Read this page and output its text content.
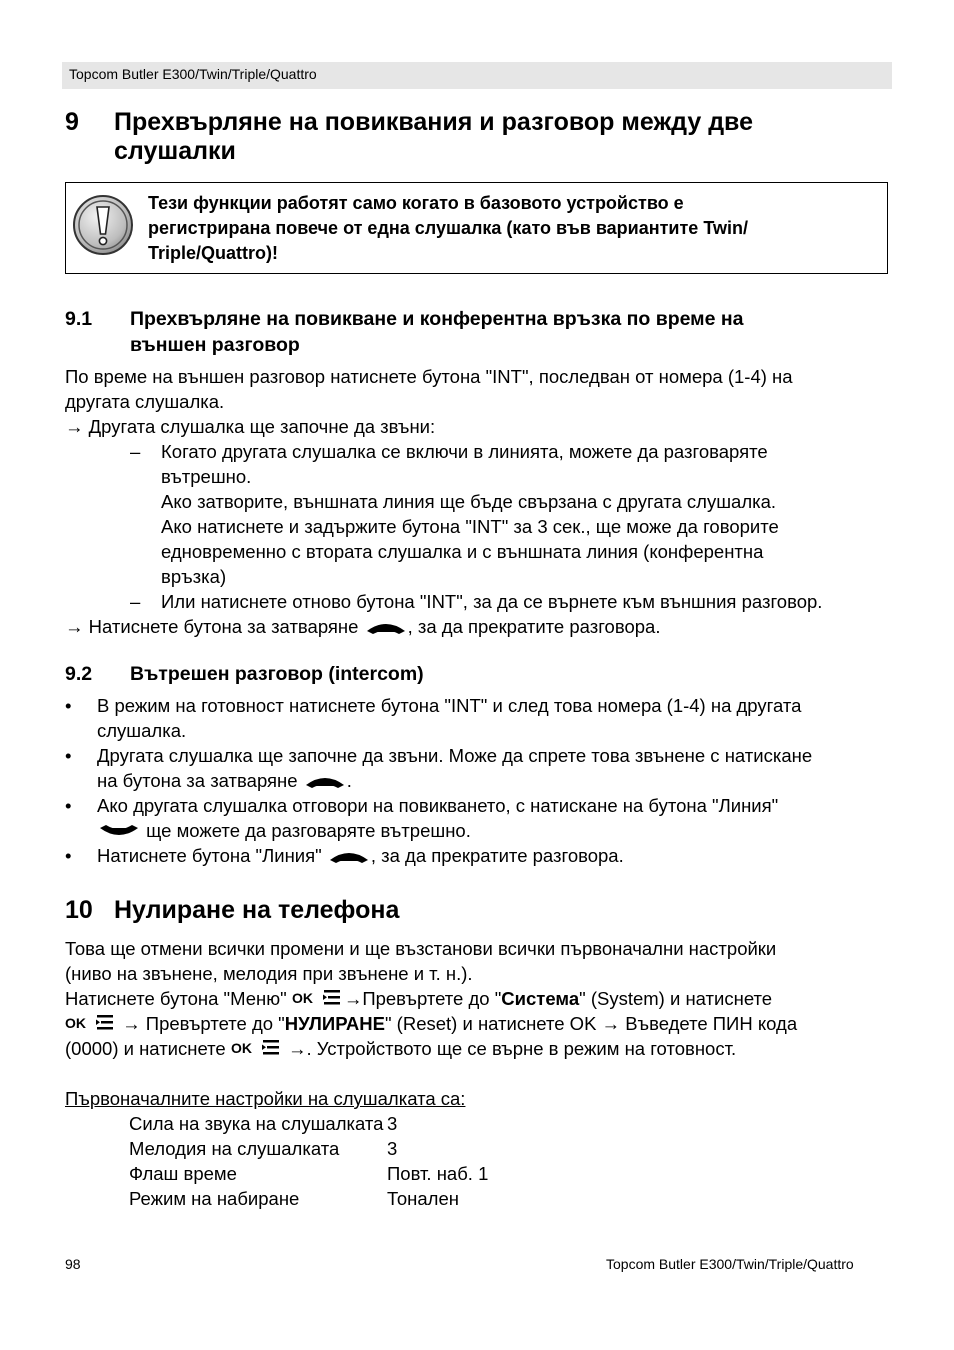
Topcom Butler E300/Twin/Triple/Quattro
9 Прехвърляне на повиквания и разговор между две
слушалки
Тези функции работят само когато в базовото устройство е
регистрирана повече от една слушалка (като във вариантите Twin/
Triple/Quattro)!
9.1 Прехвърляне на повикване и конферентна връзка по време на
външен разговор
По време на външен разговор натиснете бутона "INT", последван от номера (1-4) на
другата слушалка.
→ Другата слушалка ще започне да звъни:
– Когато другата слушалка се включи в линията, можете да разговаряте
вътрешно.
Ако затворите, външната линия ще бъде свързана с другата слушалка.
Ако натиснете и задържите бутона "INT" за 3 сек., ще може да говорите
едновременно с втората слушалка и с външната линия (конферентна
връзка)
– Или натиснете отново бутона "INT", за да се върнете към външния разговор.
→ Натиснете бутона за затваряне	, за да прекратите разговора.
9.2 Вътрешен разговор (intercom)
• В режим на готовност натиснете бутона "INT" и след това номера (1-4) на другата
слушалка.
• Другата слушалка ще започне да звъни. Може да спрете това звънене с натискане
на бутона за затваряне	.
• Ако другата слушалка отговори на повикването, с натискане на бутона "Линия"
ще можете да разговаряте вътрешно.
• Натиснете бутона "Линия"	, за да прекратите разговора.
10 Нулиране на телефона
Това ще отмени всички промени и ще възстанови всички първоначални настройки
(ниво на звънене, мелодия при звънене и т. н.).
Натиснете бутона "Меню" OK →Превъртете до "Система" (System) и натиснете
OK → Превъртете до "НУЛИРАНЕ" (Reset) и натиснете OK → Въведете ПИН кода
(0000) и натиснете OK →. Устройството ще се върне в режим на готовност.
Първоначалните настройки на слушалката са:
Сила на звука на слушалката 3
Мелодия на слушалката	3
Флаш време	Повт. наб. 1
Режим на набиране	Тонален
98	Topcom Butler E300/Twin/Triple/Quattro
